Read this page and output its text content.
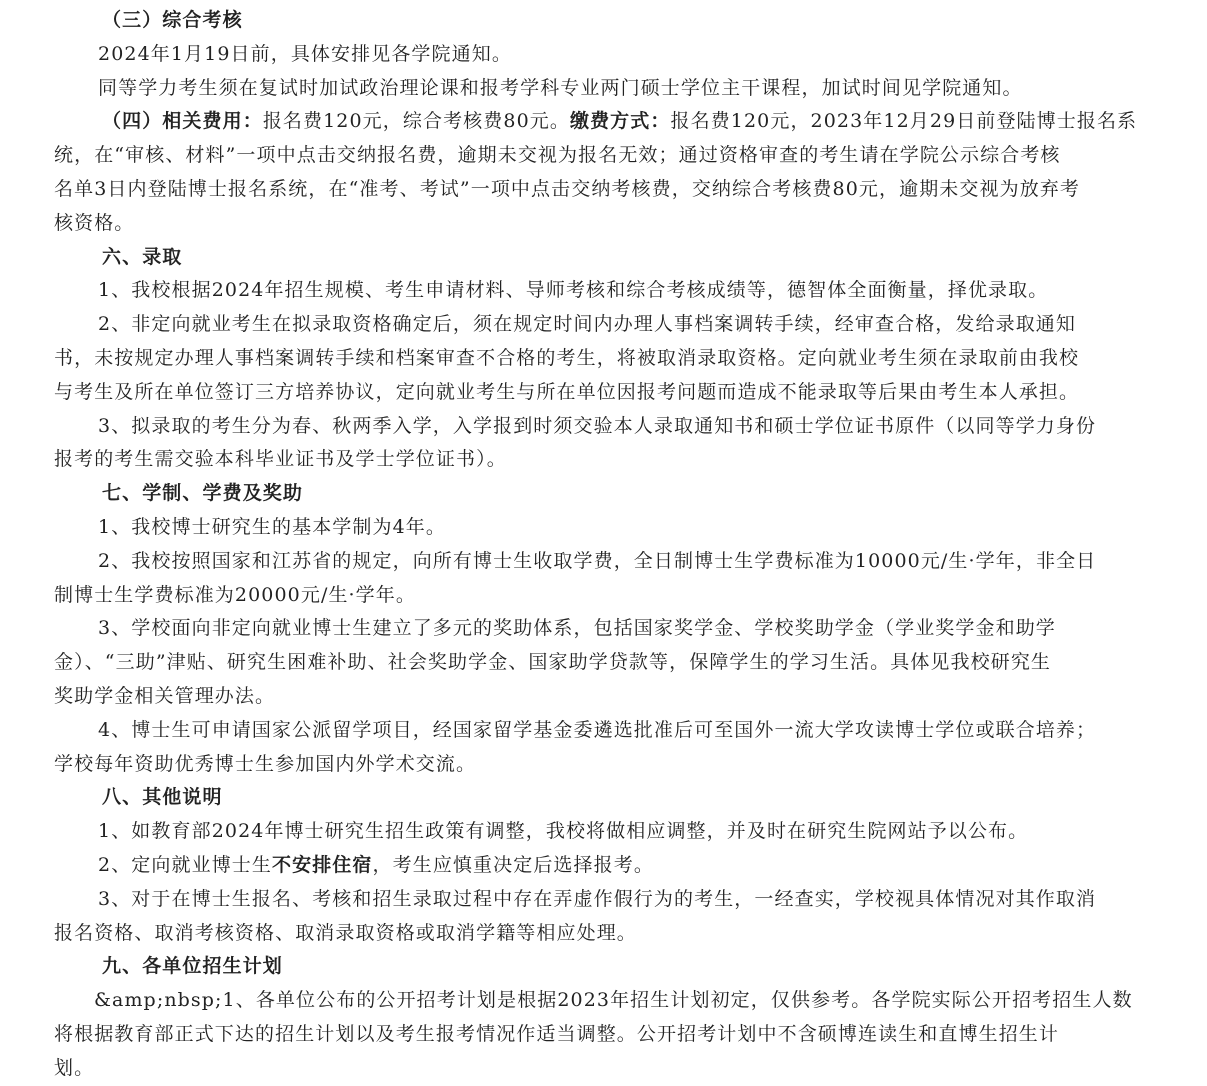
（三）综合考核
2024年1月19日前，具体安排见各学院通知。
同等学力考生须在复试时加试政治理论课和报考学科专业两门硕士学位主干课程，加试时间见学院通知。
（四）相关费用：报名费120元，综合考核费80元。缴费方式：报名费120元，2023年12月29日前登陆博士报名系
统，在“审核、材料”一项中点击交纳报名费，逾期未交视为报名无效；通过资格审查的考生请在学院公示综合考核
名单3日内登陆博士报名系统，在“准考、考试”一项中点击交纳考核费，交纳综合考核费80元，逾期未交视为放弃考
核资格。
六、录取
1、我校根据2024年招生规模、考生申请材料、导师考核和综合考核成绩等，德智体全面衡量，择优录取。
2、非定向就业考生在拟录取资格确定后，须在规定时间内办理人事档案调转手续，经审查合格，发给录取通知
书，未按规定办理人事档案调转手续和档案审查不合格的考生，将被取消录取资格。定向就业考生须在录取前由我校
与考生及所在单位签订三方培养协议，定向就业考生与所在单位因报考问题而造成不能录取等后果由考生本人承担。
3、拟录取的考生分为春、秋两季入学，入学报到时须交验本人录取通知书和硕士学位证书原件（以同等学力身份
报考的考生需交验本科毕业证书及学士学位证书）。
七、学制、学费及奖助
1、我校博士研究生的基本学制为4年。
2、我校按照国家和江苏省的规定，向所有博士生收取学费，全日制博士生学费标准为10000元/生·学年，非全日
制博士生学费标准为20000元/生·学年。
3、学校面向非定向就业博士生建立了多元的奖助体系，包括国家奖学金、学校奖助学金（学业奖学金和助学
金）、“三助”津贴、研究生困难补助、社会奖助学金、国家助学贷款等，保障学生的学习生活。具体见我校研究生
奖助学金相关管理办法。
4、博士生可申请国家公派留学项目，经国家留学基金委遴选批准后可至国外一流大学攻读博士学位或联合培养；
学校每年资助优秀博士生参加国内外学术交流。
八、其他说明
1、如教育部2024年博士研究生招生政策有调整，我校将做相应调整，并及时在研究生院网站予以公布。
2、定向就业博士生不安排住宿，考生应慎重决定后选择报考。
3、对于在博士生报名、考核和招生录取过程中存在弄虚作假行为的考生，一经查实，学校视具体情况对其作取消
报名资格、取消考核资格、取消录取资格或取消学籍等相应处理。
九、各单位招生计划
&amp;nbsp;1、各单位公布的公开招考计划是根据2023年招生计划初定，仅供参考。各学院实际公开招考招生人数
将根据教育部正式下达的招生计划以及考生报考情况作适当调整。公开招考计划中不含硕博连读生和直博生招生计
划。
